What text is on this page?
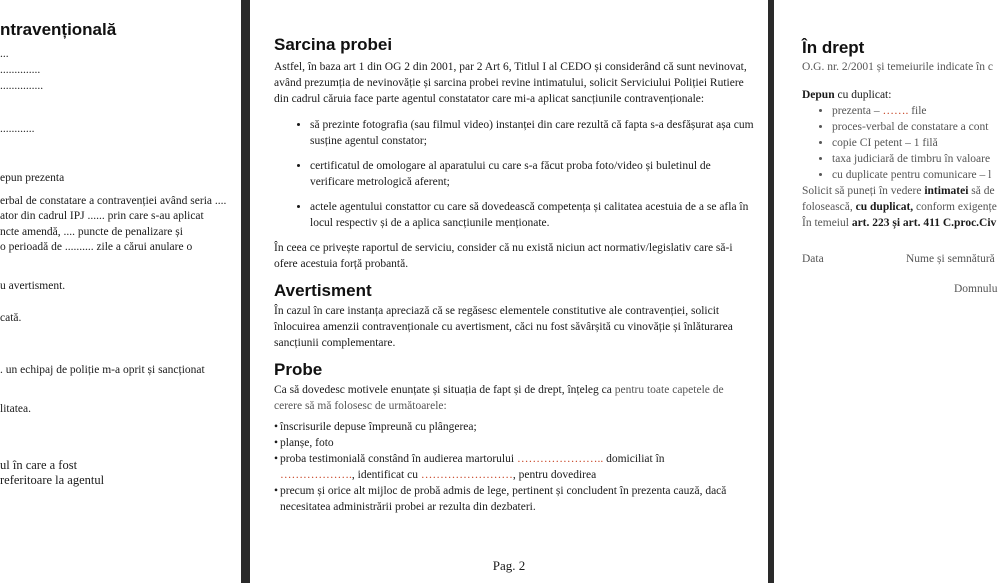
ntravențională
...
..............
...............
............
epun prezenta
erbal de constatare a contravenției având seria ....
ator din cadrul IPJ ...... prin care s-au aplicat
ncte amendă, .... puncte de penalizare și
o perioadă de .......... zile a cărui anulare o
u avertisment.
cată.
. un echipaj de poliție m-a oprit și sancționat
litatea.
ul în care a fost
referitoare la agentul
Sarcina probei

Astfel, în baza art 1 din OG 2 din 2001, par 2 Art 6, Titlul I al CEDO și considerând că sunt nevinovat, având prezumția de nevinovăție și sarcina probei revine intimatului, solicit Serviciului Poliției Rutiere din cadrul căruia face parte agentul constatator care mi-a aplicat sancțiunile contravenționale:

• să prezinte fotografia (sau filmul video) instanței din care rezultă că fapta s-a desfășurat așa cum susține agentul constator;
• certificatul de omologare al aparatului cu care s-a făcut proba foto/video și buletinul de verificare metrologică aferent;
• actele agentului constattor cu care să dovedească competența și calitatea acestuia de a se afla în locul respectiv și de a aplica sancțiunile menționate.

În ceea ce privește raportul de serviciu, consider că nu există niciun act normativ/legislativ care să-i ofere acestuia forță probantă.

Avertisment

În cazul în care instanța apreciază că se regăsesc elementele constitutive ale contravenției, solicit înlocuirea amenzii contravenționale cu avertisment, căci nu fost săvârșită cu vinovăție și înlăturarea sancțiunii complementare.

Probe

Ca să dovedesc motivele enunțate și situația de fapt și de drept, înțeleg ca pentru toate capetele de cerere să mă folosesc de următoarele:

• înscrisurile depuse împreună cu plângerea;
• planșe, foto
• proba testimonială constând în audierea martorului ………………….. domiciliat în
………………., identificat cu ……………………, pentru dovedirea
• precum și orice alt mijloc de probă admis de lege, pertinent și concludent în prezenta cauză, dacă necesitatea administrării probei ar rezulta din dezbateri.
Pag. 2
În drept

O.G. nr. 2/2001 și temeiurile indicate în c

Depun cu duplicat:

• prezenta – ……. file
• proces-verbal de constatare a cont
• copie CI petent – 1 filă
• taxa judiciară de timbru în valoare
• cu duplicate pentru comunicare – l

Solicit să puneți în vedere intimatei să de

folosească, cu duplicat, conform exigențe

În temeiul art. 223 și art. 411 C.proc.Civ

Data	Nume și semnătură
Domnulu
